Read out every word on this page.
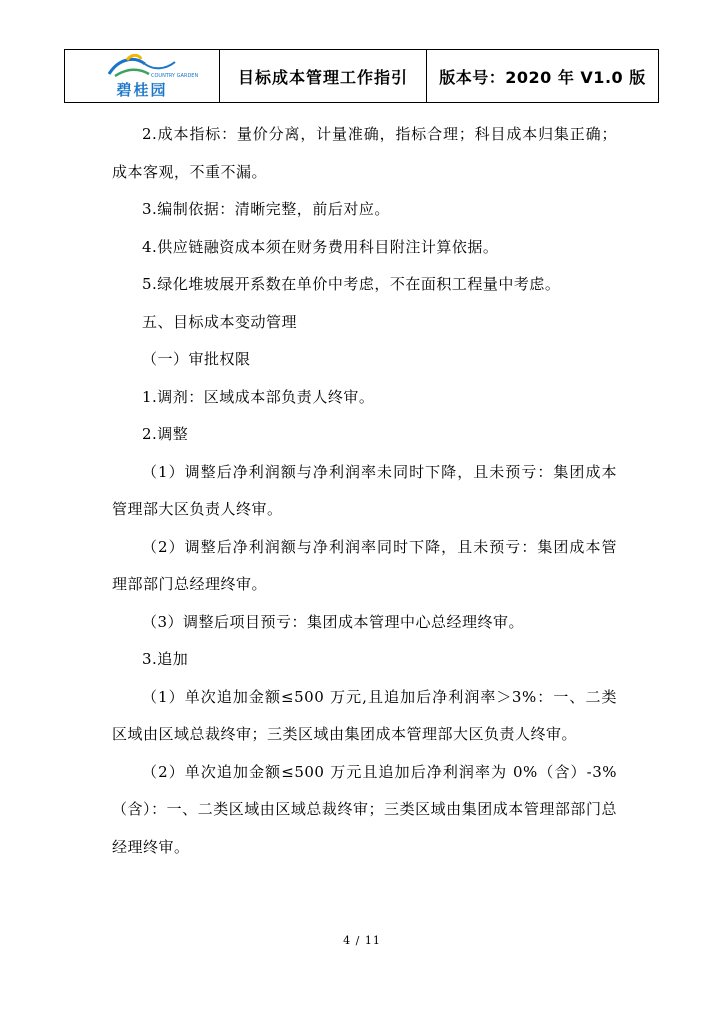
COUNTRY GARDEN
碧桂园
	目标成本管理工作指引	版本号：2020 年 V1.0 版

2.成本指标：量价分离，计量准确，指标合理；科目成本归集正确；成本客观，不重不漏。

3.编制依据：清晰完整，前后对应。

4.供应链融资成本须在财务费用科目附注计算依据。

5.绿化堆坡展开系数在单价中考虑，不在面积工程量中考虑。

五、目标成本变动管理

（一）审批权限

1.调剂：区域成本部负责人终审。

2.调整

（1）调整后净利润额与净利润率未同时下降，且未预亏：集团成本管理部大区负责人终审。

（2）调整后净利润额与净利润率同时下降，且未预亏：集团成本管理部部门总经理终审。

（3）调整后项目预亏：集团成本管理中心总经理终审。

3.追加

（1）单次追加金额≤500 万元,且追加后净利润率＞3%：一、二类区域由区域总裁终审；三类区域由集团成本管理部大区负责人终审。

（2）单次追加金额≤500 万元且追加后净利润率为 0%（含）-3%（含）：一、二类区域由区域总裁终审；三类区域由集团成本管理部部门总经理终审。

4 / 11
